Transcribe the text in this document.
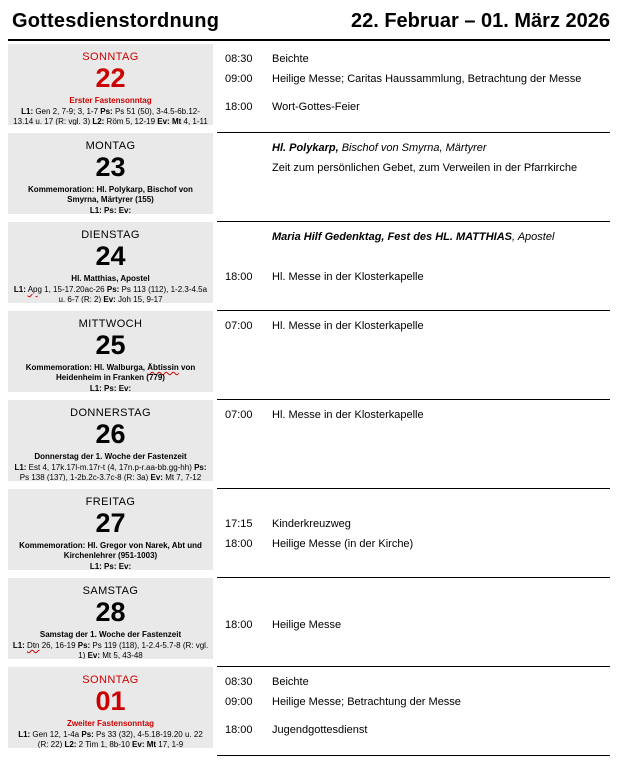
Gottesdienstordnung	22. Februar – 01. März 2026
SONNTAG
22
Erster Fastensonntag
L1: Gen 2, 7-9; 3, 1-7 Ps: Ps 51 (50), 3-4.5-6b.12-13.14 u. 17 (R: vgl. 3) L2: Röm 5, 12-19 Ev: Mt 4, 1-11
08:30	Beichte
09:00	Heilige Messe; Caritas Haussammlung, Betrachtung der Messe
18:00	Wort-Gottes-Feier
MONTAG
23
Kommemoration: Hl. Polykarp, Bischof von Smyrna, Märtyrer (155)
L1: Ps: Ev:
Hl. Polykarp, Bischof von Smyrna, Märtyrer
Zeit zum persönlichen Gebet, zum Verweilen in der Pfarrkirche
DIENSTAG
24
Hl. Matthias, Apostel
L1: Apg 1, 15-17.20ac-26 Ps: Ps 113 (112), 1-2.3-4.5a u. 6-7 (R: 2) Ev: Joh 15, 9-17
Maria Hilf Gedenktag, Fest des HL. MATTHIAS, Apostel
18:00	Hl. Messe in der Klosterkapelle
MITTWOCH
25
Kommemoration: Hl. Walburga, Äbtissin von Heidenheim in Franken (779)
L1: Ps: Ev:
07:00	Hl. Messe in der Klosterkapelle
DONNERSTAG
26
Donnerstag der 1. Woche der Fastenzeit
L1: Est 4, 17k.17l-m.17r-t (4, 17n.p-r.aa-bb.gg-hh) Ps: Ps 138 (137), 1-2b.2c-3.7c-8 (R: 3a) Ev: Mt 7, 7-12
07:00	Hl. Messe in der Klosterkapelle
FREITAG
27
Kommemoration: Hl. Gregor von Narek, Abt und Kirchenlehrer (951-1003)
L1: Ps: Ev:
17:15	Kinderkreuzweg
18:00	Heilige Messe (in der Kirche)
SAMSTAG
28
Samstag der 1. Woche der Fastenzeit
L1: Dtn 26, 16-19 Ps: Ps 119 (118), 1-2.4-5.7-8 (R: vgl. 1) Ev: Mt 5, 43-48
18:00	Heilige Messe
SONNTAG
01
Zweiter Fastensonntag
L1: Gen 12, 1-4a Ps: Ps 33 (32), 4-5.18-19.20 u. 22 (R: 22) L2: 2 Tim 1, 8b-10 Ev: Mt 17, 1-9
08:30	Beichte
09:00	Heilige Messe; Betrachtung der Messe
18:00	Jugendgottesdienst
